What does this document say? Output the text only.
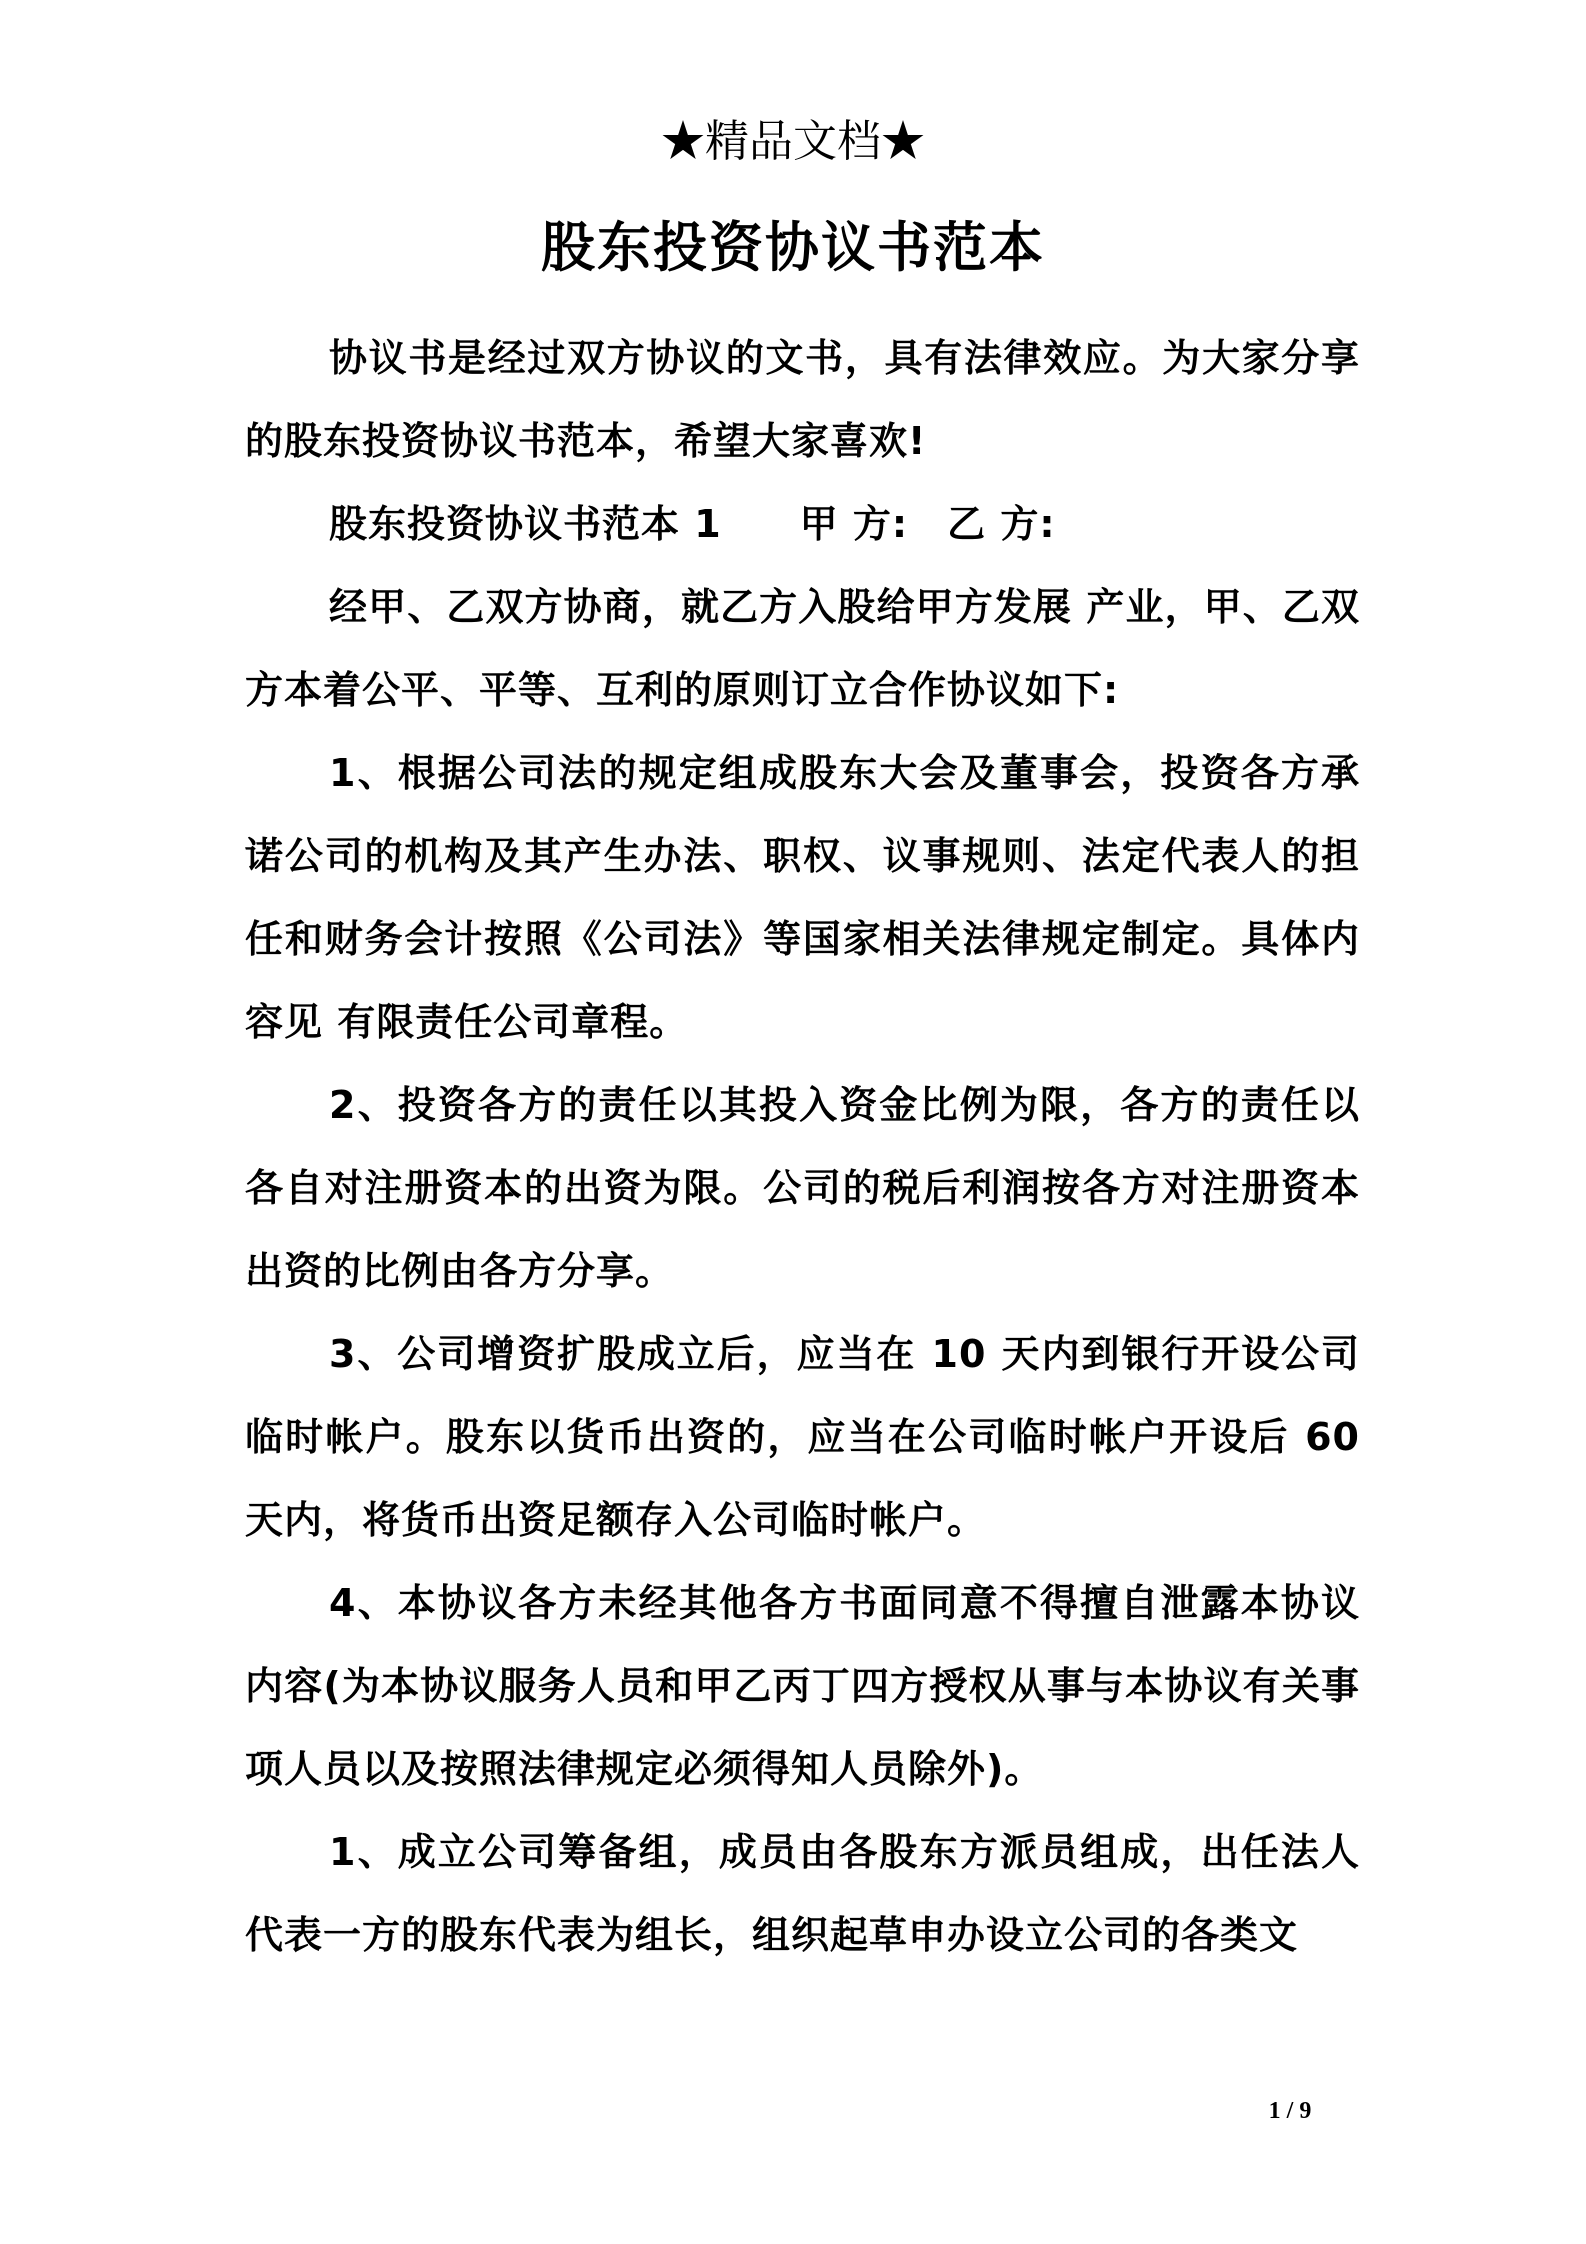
★精品文档★
股东投资协议书范本

协议书是经过双方协议的文书，具有法律效应。为大家分享的股东投资协议书范本，希望大家喜欢!

股东投资协议书范本 1　　甲 方:　乙 方:

经甲、乙双方协商，就乙方入股给甲方发展 产业，甲、乙双方本着公平、平等、互利的原则订立合作协议如下:

1、根据公司法的规定组成股东大会及董事会，投资各方承诺公司的机构及其产生办法、职权、议事规则、法定代表人的担任和财务会计按照《公司法》等国家相关法律规定制定。具体内容见 有限责任公司章程。

2、投资各方的责任以其投入资金比例为限，各方的责任以各自对注册资本的出资为限。公司的税后利润按各方对注册资本出资的比例由各方分享。

3、公司增资扩股成立后，应当在 10 天内到银行开设公司临时帐户。股东以货币出资的，应当在公司临时帐户开设后 60天内，将货币出资足额存入公司临时帐户。

4、本协议各方未经其他各方书面同意不得擅自泄露本协议内容(为本协议服务人员和甲乙丙丁四方授权从事与本协议有关事项人员以及按照法律规定必须得知人员除外)。

1、成立公司筹备组，成员由各股东方派员组成，出任法人代表一方的股东代表为组长，组织起草申办设立公司的各类文

1 / 9
